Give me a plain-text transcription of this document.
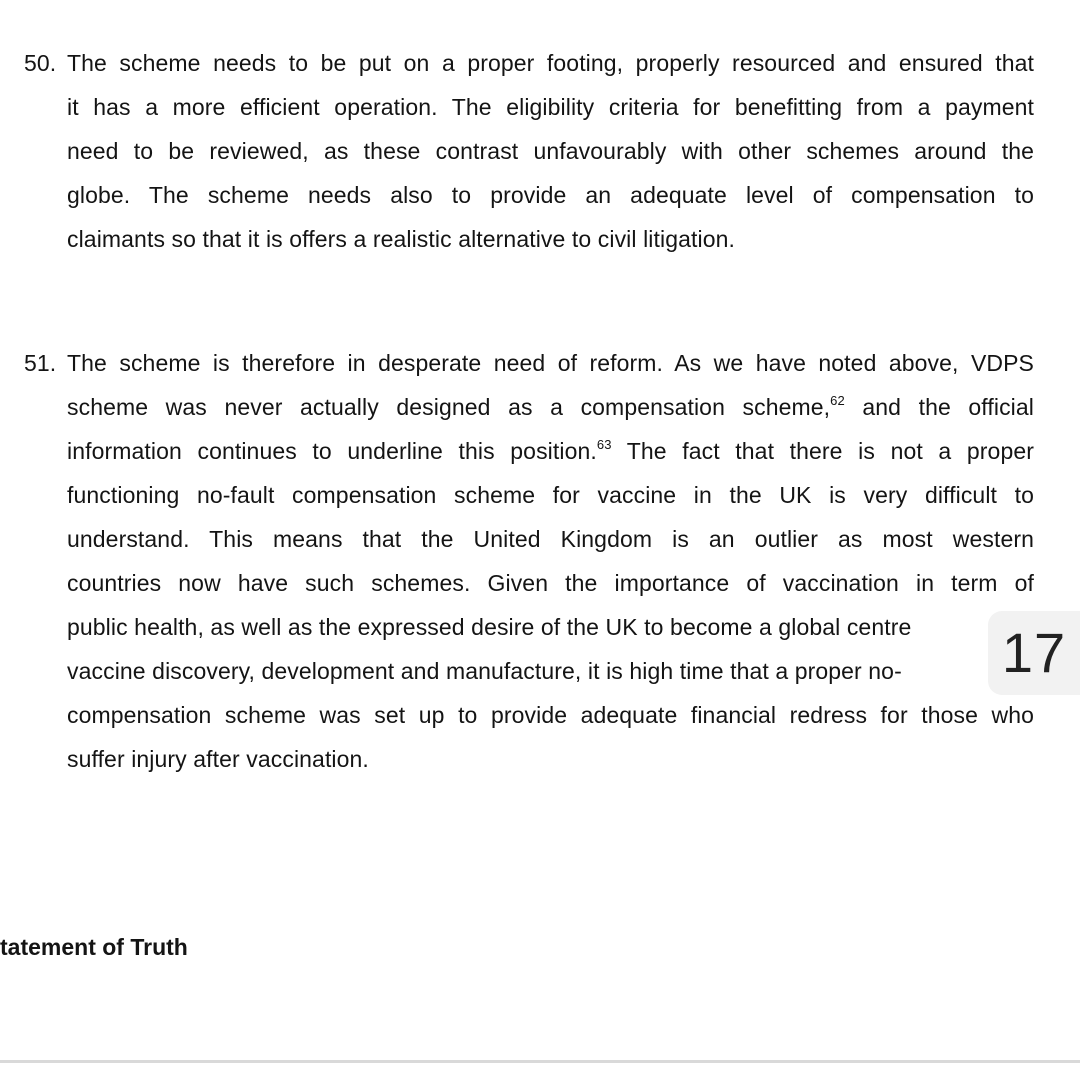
50. The scheme needs to be put on a proper footing, properly resourced and ensured that
it has a more efficient operation. The eligibility criteria for benefitting from a payment
need to be reviewed, as these contrast unfavourably with other schemes around the
globe. The scheme needs also to provide an adequate level of compensation to
claimants so that it is offers a realistic alternative to civil litigation.
51. The scheme is therefore in desperate need of reform. As we have noted above, VDPS
scheme was never actually designed as a compensation scheme,$^{62}$ and the official
information continues to underline this position.$^{63}$ The fact that there is not a proper
functioning no-fault compensation scheme for vaccine in the UK is very difficult to
understand. This means that the United Kingdom is an outlier as most western
countries now have such schemes. Given the importance of vaccination in term of
public health, as well as the expressed desire of the UK to become a global centre
vaccine discovery, development and manufacture, it is high time that a proper no-
compensation scheme was set up to provide adequate financial redress for those who
suffer injury after vaccination.
tatement of Truth
17
